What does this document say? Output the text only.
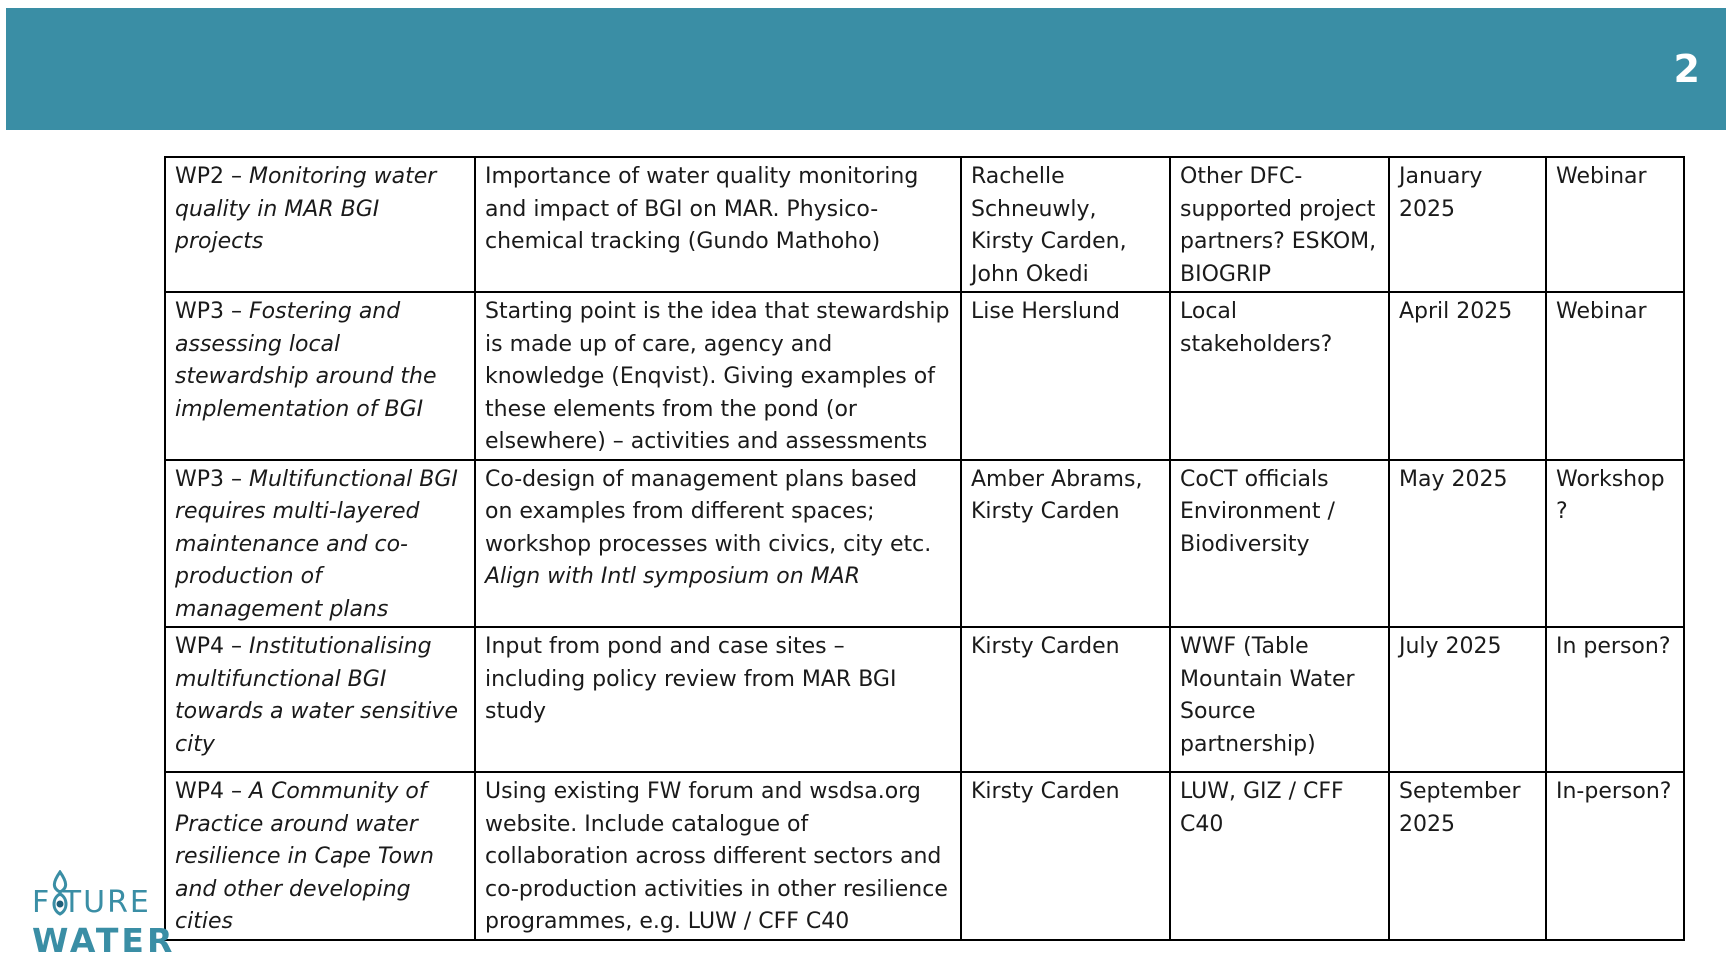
2
WP2 – Monitoring water quality in MAR BGI projects	Importance of water quality monitoring and impact of BGI on MAR. Physico-chemical tracking (Gundo Mathoho)	Rachelle Schneuwly, Kirsty Carden, John Okedi	Other DFC-supported project partners? ESKOM, BIOGRIP	January 2025	Webinar
WP3 – Fostering and assessing local stewardship around the implementation of BGI	Starting point is the idea that stewardship is made up of care, agency and knowledge (Enqvist). Giving examples of these elements from the pond (or elsewhere) – activities and assessments	Lise Herslund	Local stakeholders?	April 2025	Webinar
WP3 – Multifunctional BGI requires multi-layered maintenance and co-production of management plans	Co-design of management plans based on examples from different spaces; workshop processes with civics, city etc. Align with Intl symposium on MAR	Amber Abrams, Kirsty Carden	CoCT officials Environment / Biodiversity	May 2025	Workshop ?
WP4 – Institutionalising multifunctional BGI towards a water sensitive city	Input from pond and case sites – including policy review from MAR BGI study	Kirsty Carden	WWF (Table Mountain Water Source partnership)	July 2025	In person?
WP4 – A Community of Practice around water resilience in Cape Town and other developing cities	Using existing FW forum and wsdsa.org website. Include catalogue of collaboration across different sectors and co-production activities in other resilience programmes, e.g. LUW / CFF C40	Kirsty Carden	LUW, GIZ / CFF C40	September 2025	In-person?
F TURE
WATER
